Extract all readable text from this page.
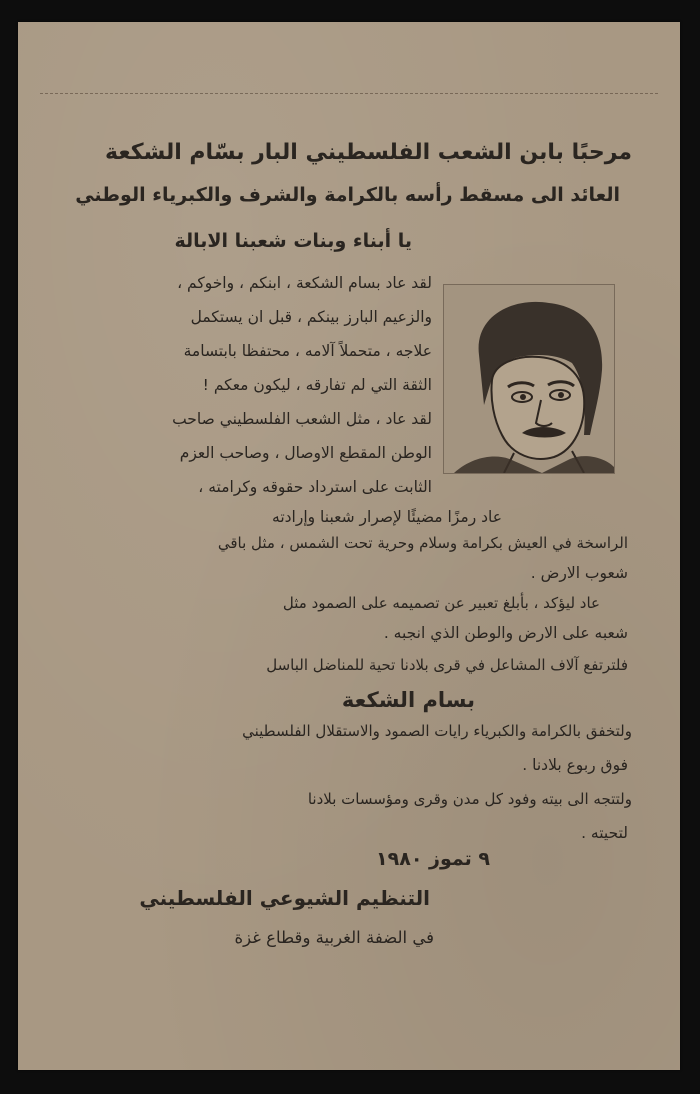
مرحبًا بابن الشعب الفلسطيني البار بسّام الشكعة
العائد الى مسقط رأسه بالكرامة والشرف والكبرياء الوطني
يا أبناء وبنات شعبنا الابالة
لقد عاد بسام الشكعة ، ابنكم ، واخوكم ،
والزعيم البارز بينكم ، قبل ان يستكمل
علاجه ، متحملاً آلامه ، محتفظا بابتسامة
الثقة التي لم تفارقه ، ليكون معكم !
لقد عاد ، مثل الشعب الفلسطيني صاحب
الوطن المقطع الاوصال ، وصاحب العزم
الثابت على استرداد حقوقه وكرامته ،
عاد رمزًا مضيئًا لإصرار شعبنا وإرادته
الراسخة في العيش بكرامة وسلام وحرية تحت الشمس ، مثل باقي
شعوب الارض .
عاد ليؤكد ، بأبلغ تعبير عن تصميمه على الصمود مثل
شعبه على الارض والوطن الذي انجبه .
فلترتفع آلاف المشاعل في قرى بلادنا تحية للمناضل الباسل
بسام الشكعة
ولتخفق بالكرامة والكبرياء رايات الصمود والاستقلال الفلسطيني
فوق ربوع بلادنا .
ولتتجه الى بيته وفود كل مدن وقرى ومؤسسات بلادنا
لتحيته .
٩ تموز ١٩٨٠
التنظيم الشيوعي الفلسطيني
في الضفة الغربية وقطاع غزة
